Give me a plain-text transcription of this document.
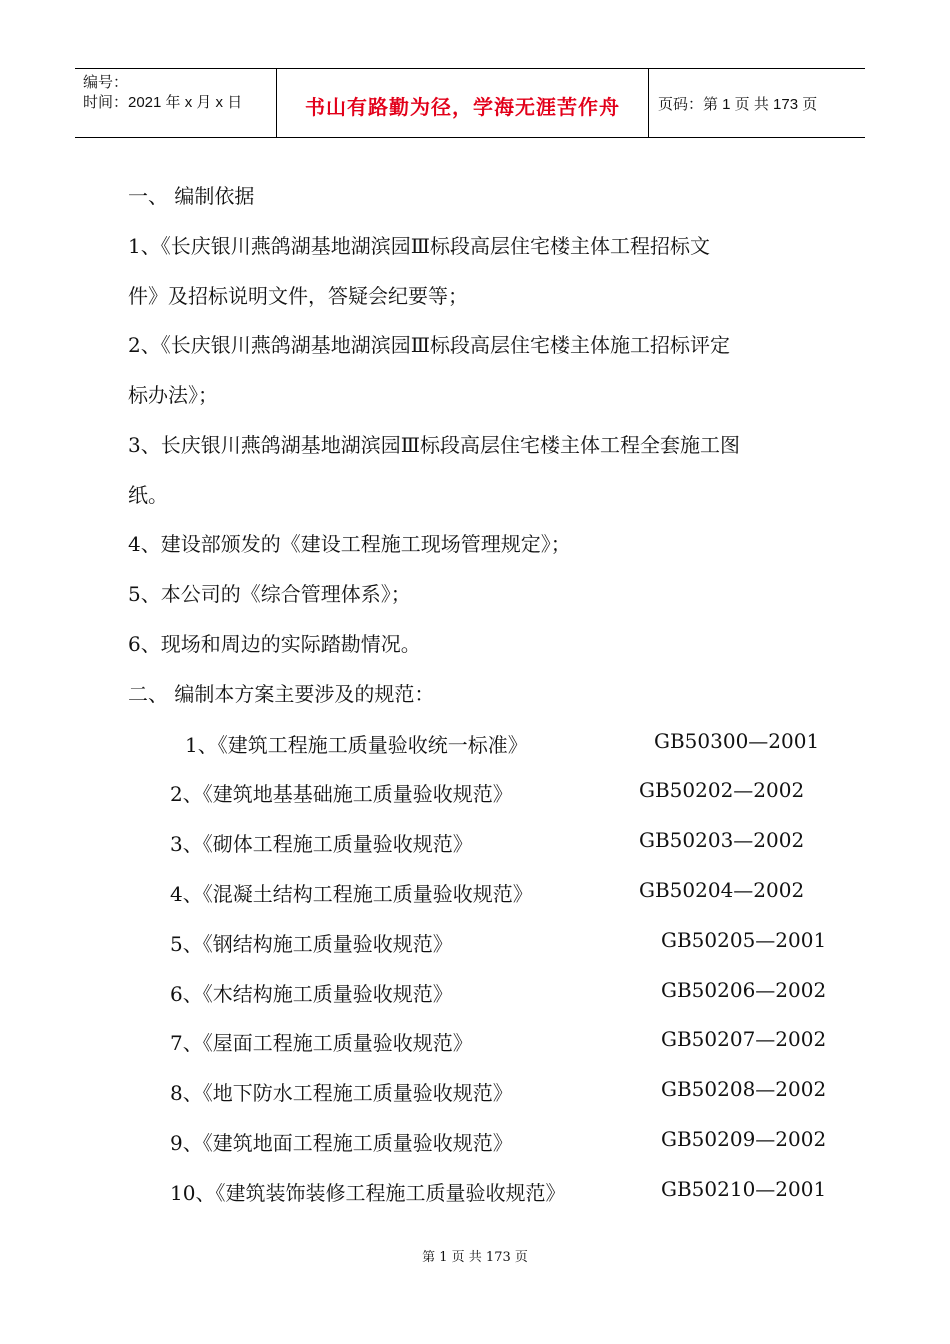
编号：
时间：2021 年 x 月 x 日	书山有路勤为径，学海无涯苦作舟	页码：第 1 页 共 173 页
一、 编制依据
1、《长庆银川燕鸽湖基地湖滨园Ⅲ标段高层住宅楼主体工程招标文
件》及招标说明文件，答疑会纪要等；
2、《长庆银川燕鸽湖基地湖滨园Ⅲ标段高层住宅楼主体施工招标评定
标办法》；
3、长庆银川燕鸽湖基地湖滨园Ⅲ标段高层住宅楼主体工程全套施工图
纸。
4、建设部颁发的《建设工程施工现场管理规定》；
5、本公司的《综合管理体系》；
6、现场和周边的实际踏勘情况。
二、 编制本方案主要涉及的规范：
1、《建筑工程施工质量验收统一标准》	GB50300—2001
2、《建筑地基基础施工质量验收规范》	GB50202—2002
3、《砌体工程施工质量验收规范》	GB50203—2002
4、《混凝土结构工程施工质量验收规范》	GB50204—2002
5、《钢结构施工质量验收规范》	GB50205—2001
6、《木结构施工质量验收规范》	GB50206—2002
7、《屋面工程施工质量验收规范》	GB50207—2002
8、《地下防水工程施工质量验收规范》	GB50208—2002
9、《建筑地面工程施工质量验收规范》	GB50209—2002
10、《建筑装饰装修工程施工质量验收规范》	GB50210—2001
第 1 页 共 173 页
